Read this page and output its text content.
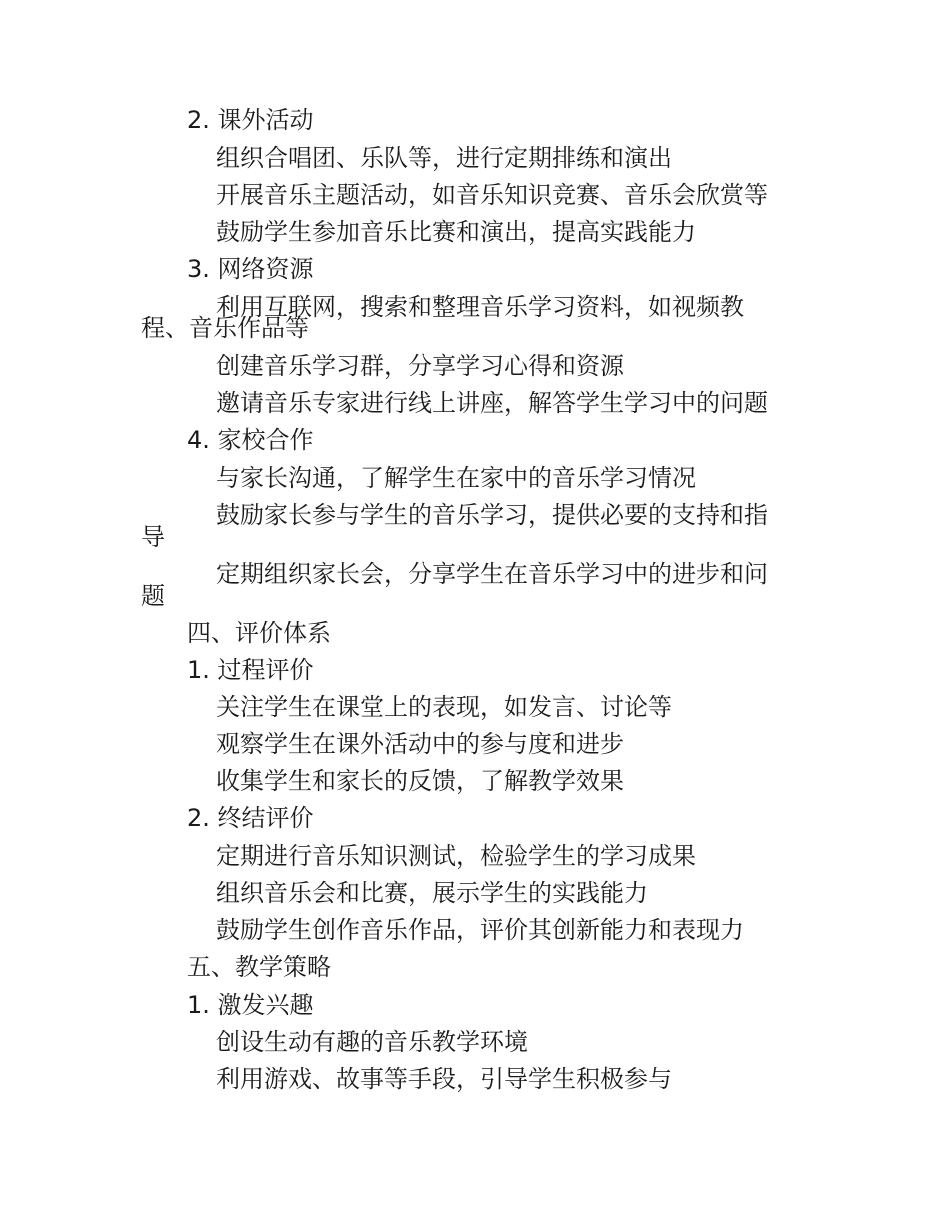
2. 课外活动
组织合唱团、乐队等，进行定期排练和演出
开展音乐主题活动，如音乐知识竞赛、音乐会欣赏等
鼓励学生参加音乐比赛和演出，提高实践能力
3. 网络资源
利用互联网，搜索和整理音乐学习资料，如视频教
程、音乐作品等
创建音乐学习群，分享学习心得和资源
邀请音乐专家进行线上讲座，解答学生学习中的问题
4. 家校合作
与家长沟通，了解学生在家中的音乐学习情况
鼓励家长参与学生的音乐学习，提供必要的支持和指
导
定期组织家长会，分享学生在音乐学习中的进步和问
题
四、评价体系
1. 过程评价
关注学生在课堂上的表现，如发言、讨论等
观察学生在课外活动中的参与度和进步
收集学生和家长的反馈，了解教学效果
2. 终结评价
定期进行音乐知识测试，检验学生的学习成果
组织音乐会和比赛，展示学生的实践能力
鼓励学生创作音乐作品，评价其创新能力和表现力
五、教学策略
1. 激发兴趣
创设生动有趣的音乐教学环境
利用游戏、故事等手段，引导学生积极参与
